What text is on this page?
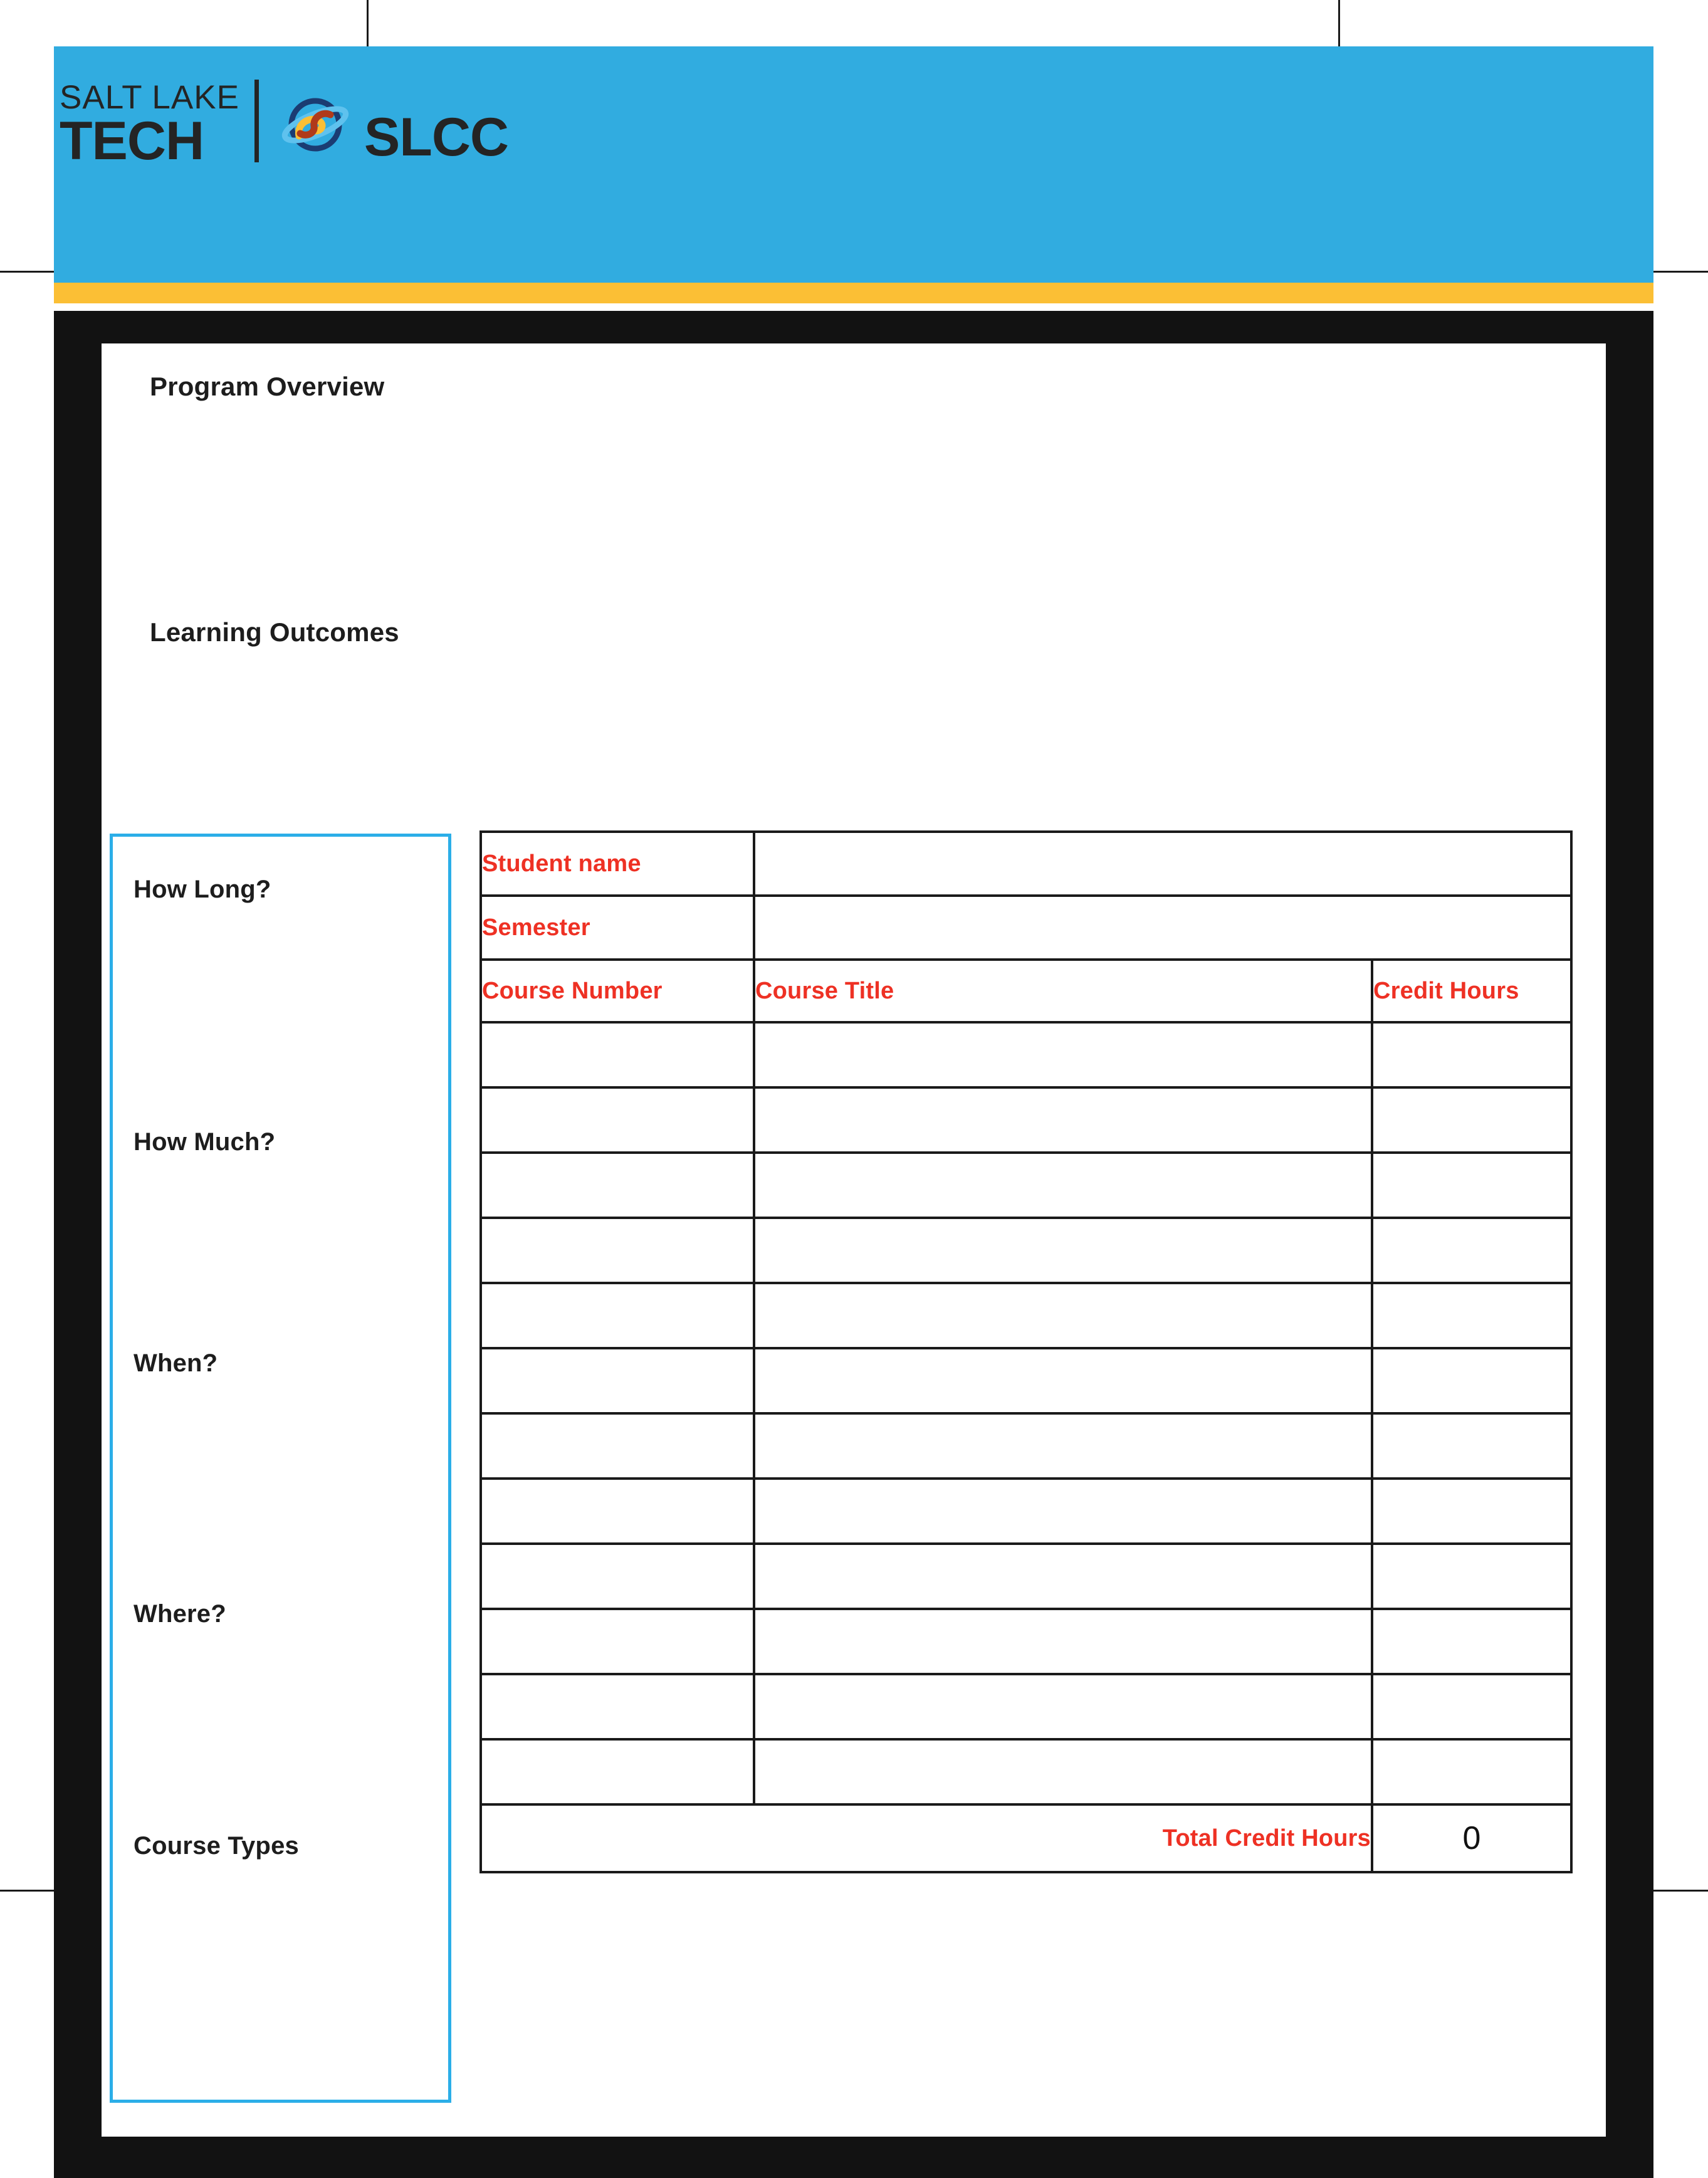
SALT LAKE
TECH	SLCC
Program Overview
Learning Outcomes
How Long?
How Much?
When?
Where?
Course Types
Student name		
Semester		
Course Number	Course Title	Credit Hours

Total Credit Hours		0
